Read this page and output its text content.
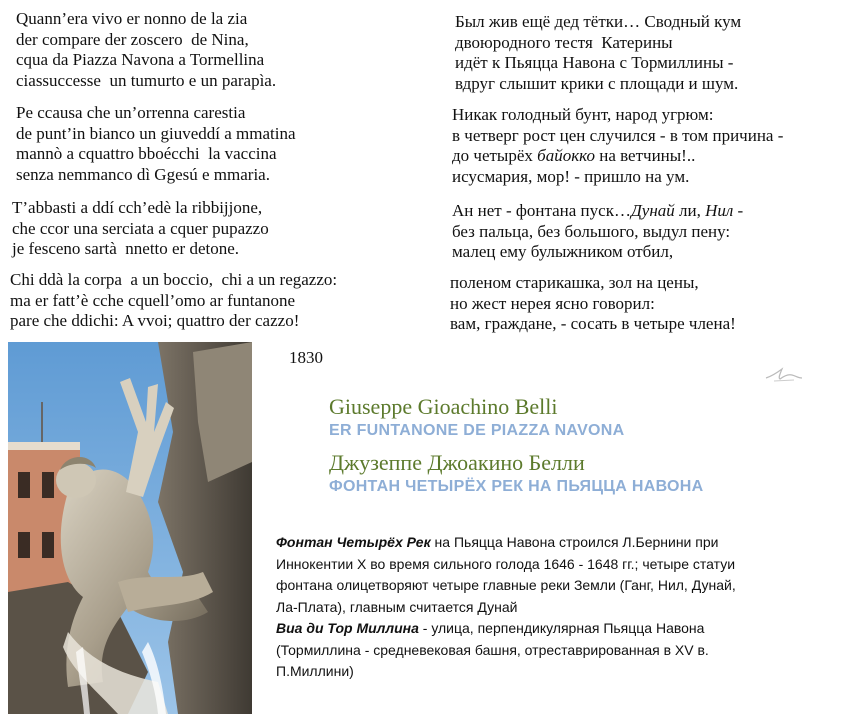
Quann’era vivo er nonno de la zia
der compare der zoscero  de Nina,
cqua da Piazza Navona a Tormellina
ciassuccesse  un tumurto e un parapìa.
Pe ccausa che un’orrenna carestia
de punt’in bianco un giuveddí a mmatina
mannò a cquattro bboécchi  la vaccina
senza nemmanco dì Ggesú e mmaria.
T’abbasti a ddí cch’edè la ribbijjone,
che ccor una serciata a cquer pupazzo
je fesceno sartà  nnetto er detone.
Chi ddà la corpa  a un boccio,  chi a un regazzo:
ma er fatt’è cche cquell’omo ar funtanone
pare che ddichi: A vvoi; quattro der cazzo!
Был жив ещё дед тётки… Сводный кум
двоюродного тестя  Катерины
идёт к Пьяцца Навона с Тормиллины -
вдруг слышит крики с площади и шум.
Никак голодный бунт, народ угрюм:
в четверг рост цен случился - в том причина -
до четырёх байокко на ветчины!..
исусмария, мор! - пришло на ум.
Ан нет - фонтана пуск…Дунай ли, Нил -
без пальца, без большого, выдул пену:
малец ему булыжником отбил,
поленом старикашка, зол на цены,
но жест нерея ясно говорил:
вам, граждане, - сосать в четыре члена!
1830
Giuseppe Gioachino Belli
ER FUNTANONE DE PIAZZA NAVONA
Джузеппе Джоакино Белли
ФОНТАН ЧЕТЫРЁХ РЕК НА ПЬЯЦЦА НАВОНА
Фонтан Четырёх Рек на Пьяцца Навона строился Л.Бернини при Иннокентии X во время сильного голода 1646 - 1648 гг.; четыре статуи фонтана олицетворяют четыре главные реки Земли (Ганг, Нил, Дунай, Ла-Плата), главным считается Дунай
Виа ди Тор Миллина - улица, перпендикулярная Пьяцца Навона (Тормиллина - средневековая башня, отреставрированная в XV в. П.Миллини)
